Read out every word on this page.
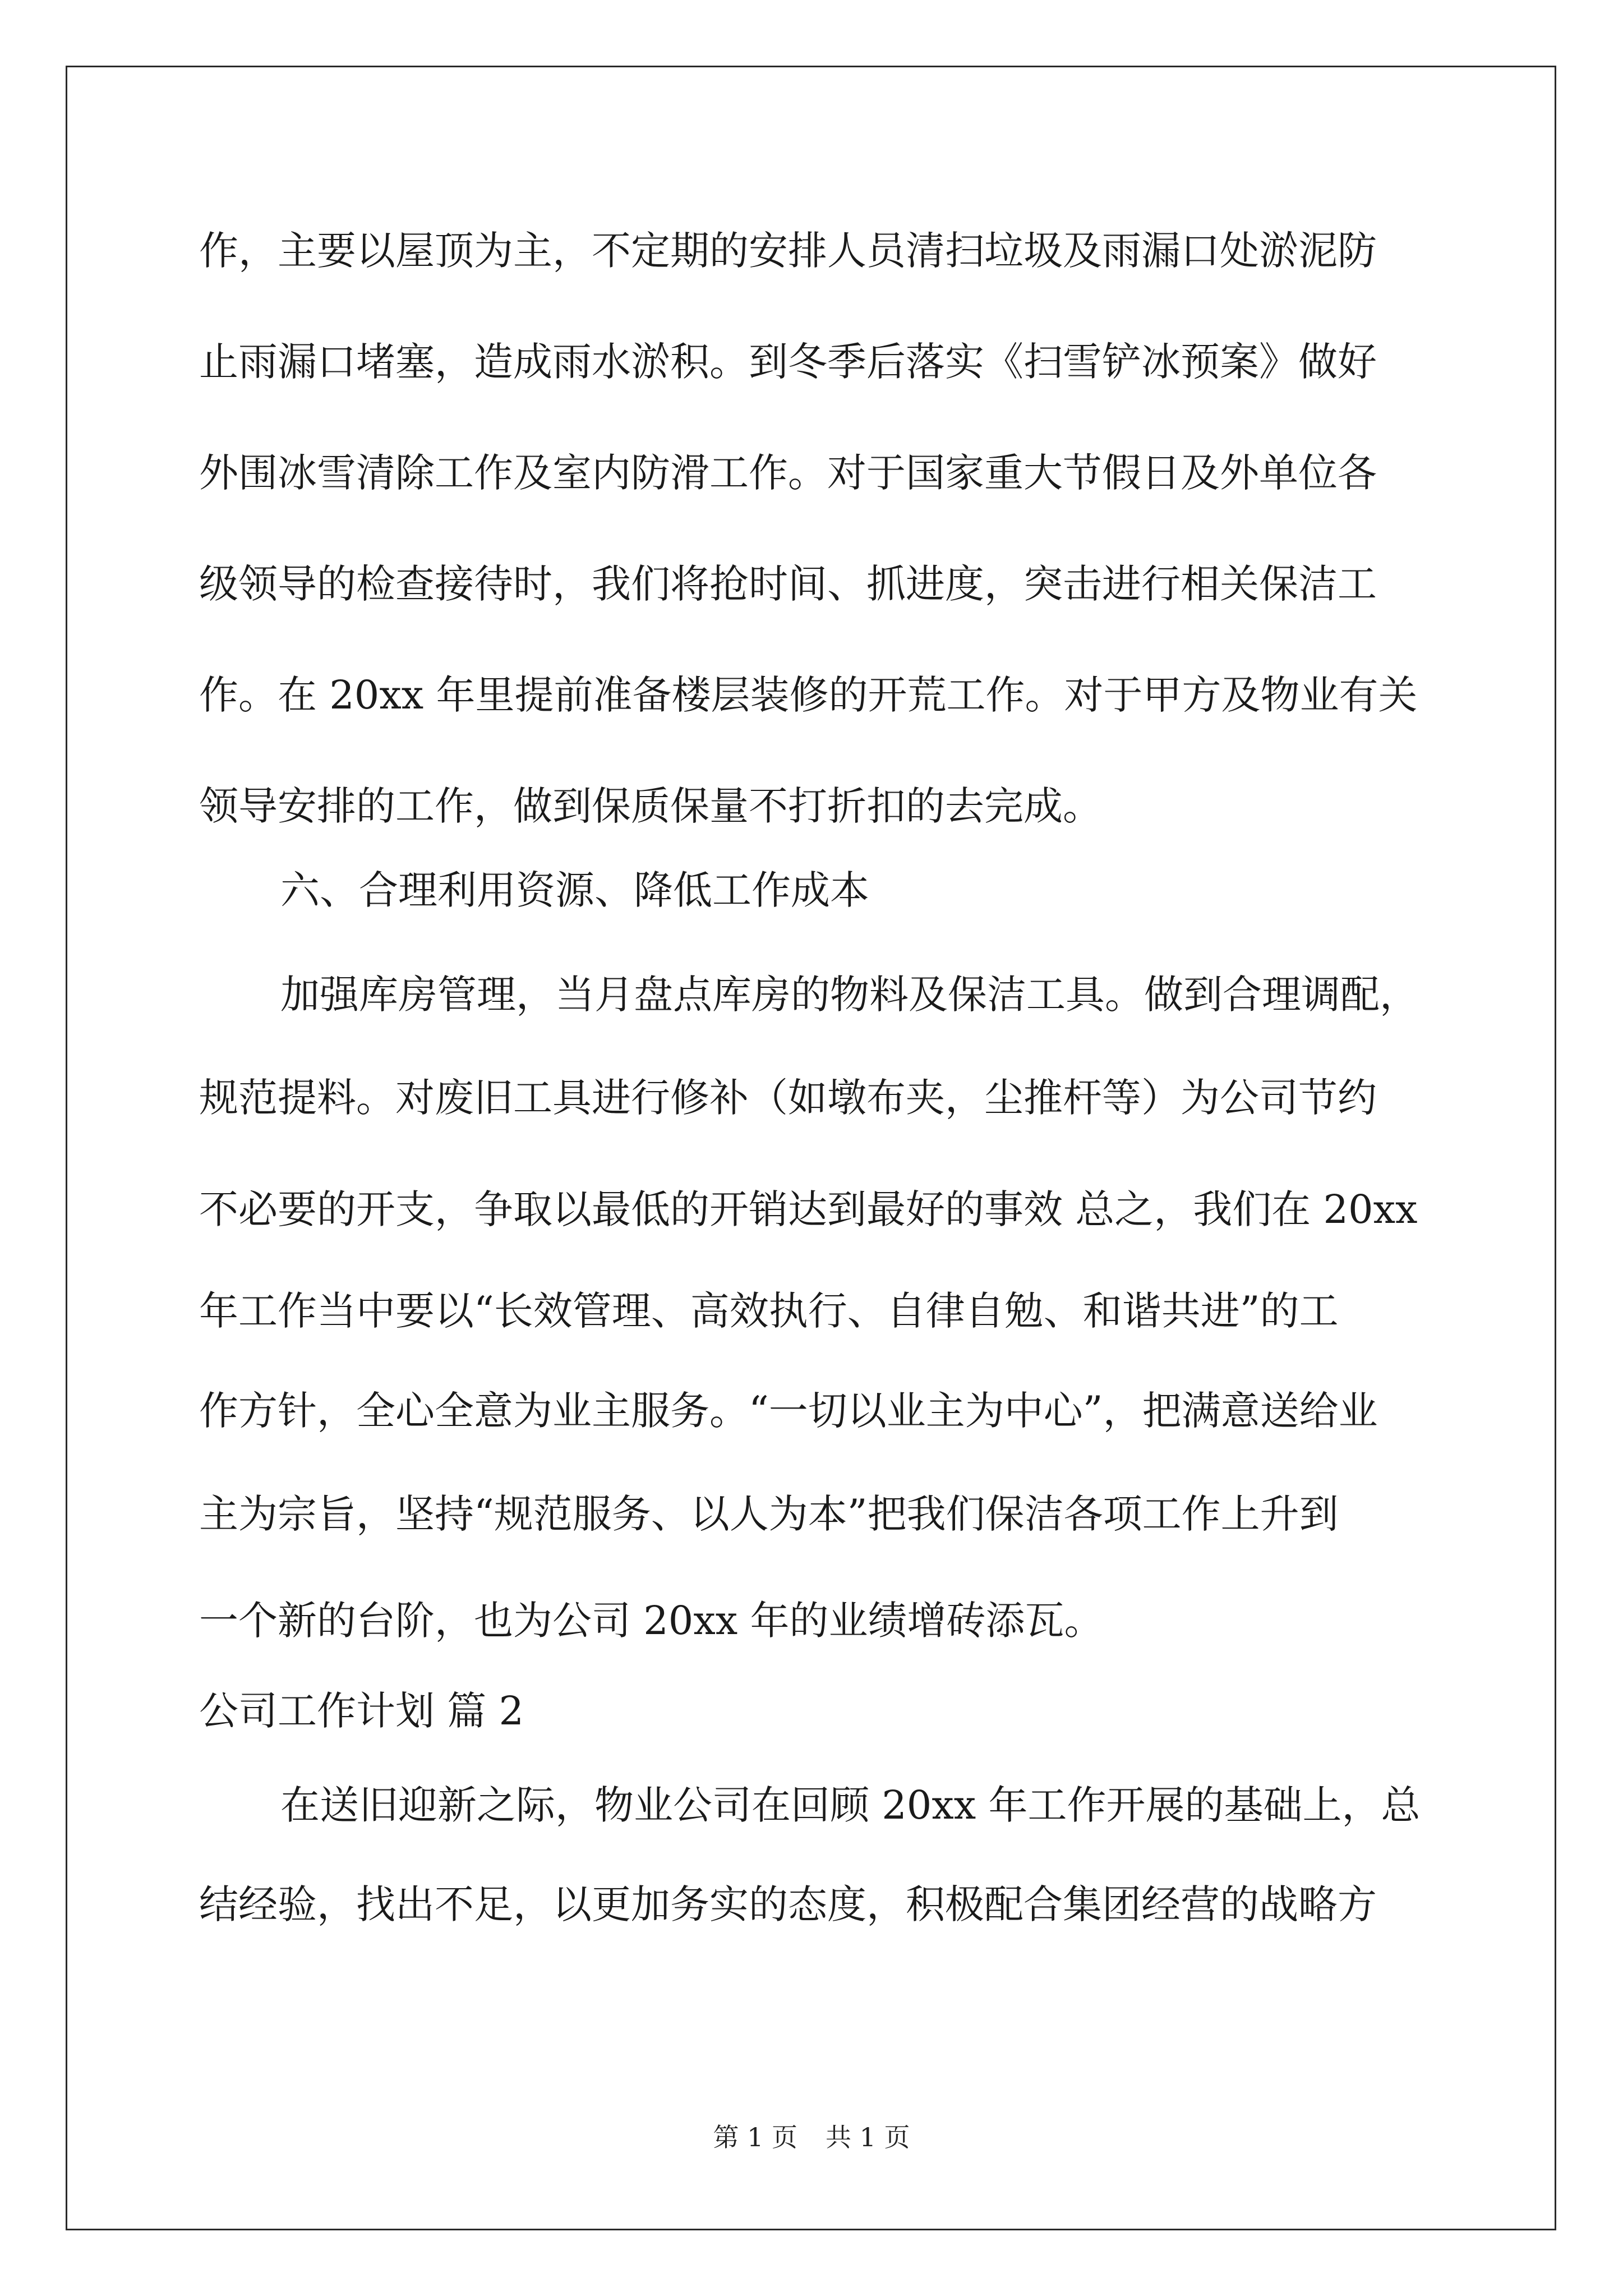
作，主要以屋顶为主，不定期的安排人员清扫垃圾及雨漏口处淤泥防
止雨漏口堵塞，造成雨水淤积。到冬季后落实《扫雪铲冰预案》做好
外围冰雪清除工作及室内防滑工作。对于国家重大节假日及外单位各
级领导的检查接待时，我们将抢时间、抓进度，突击进行相关保洁工
作。在 20xx 年里提前准备楼层装修的开荒工作。对于甲方及物业有关
领导安排的工作，做到保质保量不打折扣的去完成。
六、合理利用资源、降低工作成本
加强库房管理，当月盘点库房的物料及保洁工具。做到合理调配，
规范提料。对废旧工具进行修补（如墩布夹，尘推杆等）为公司节约
不必要的开支，争取以最低的开销达到最好的事效 总之，我们在 20xx
年工作当中要以“长效管理、高效执行、自律自勉、和谐共进”的工
作方针，全心全意为业主服务。“一切以业主为中心”，把满意送给业
主为宗旨，坚持“规范服务、以人为本”把我们保洁各项工作上升到
一个新的台阶，也为公司 20xx 年的业绩增砖添瓦。
公司工作计划 篇 2
在送旧迎新之际，物业公司在回顾 20xx 年工作开展的基础上，总
结经验，找出不足，以更加务实的态度，积极配合集团经营的战略方
第 1 页 共 1 页
